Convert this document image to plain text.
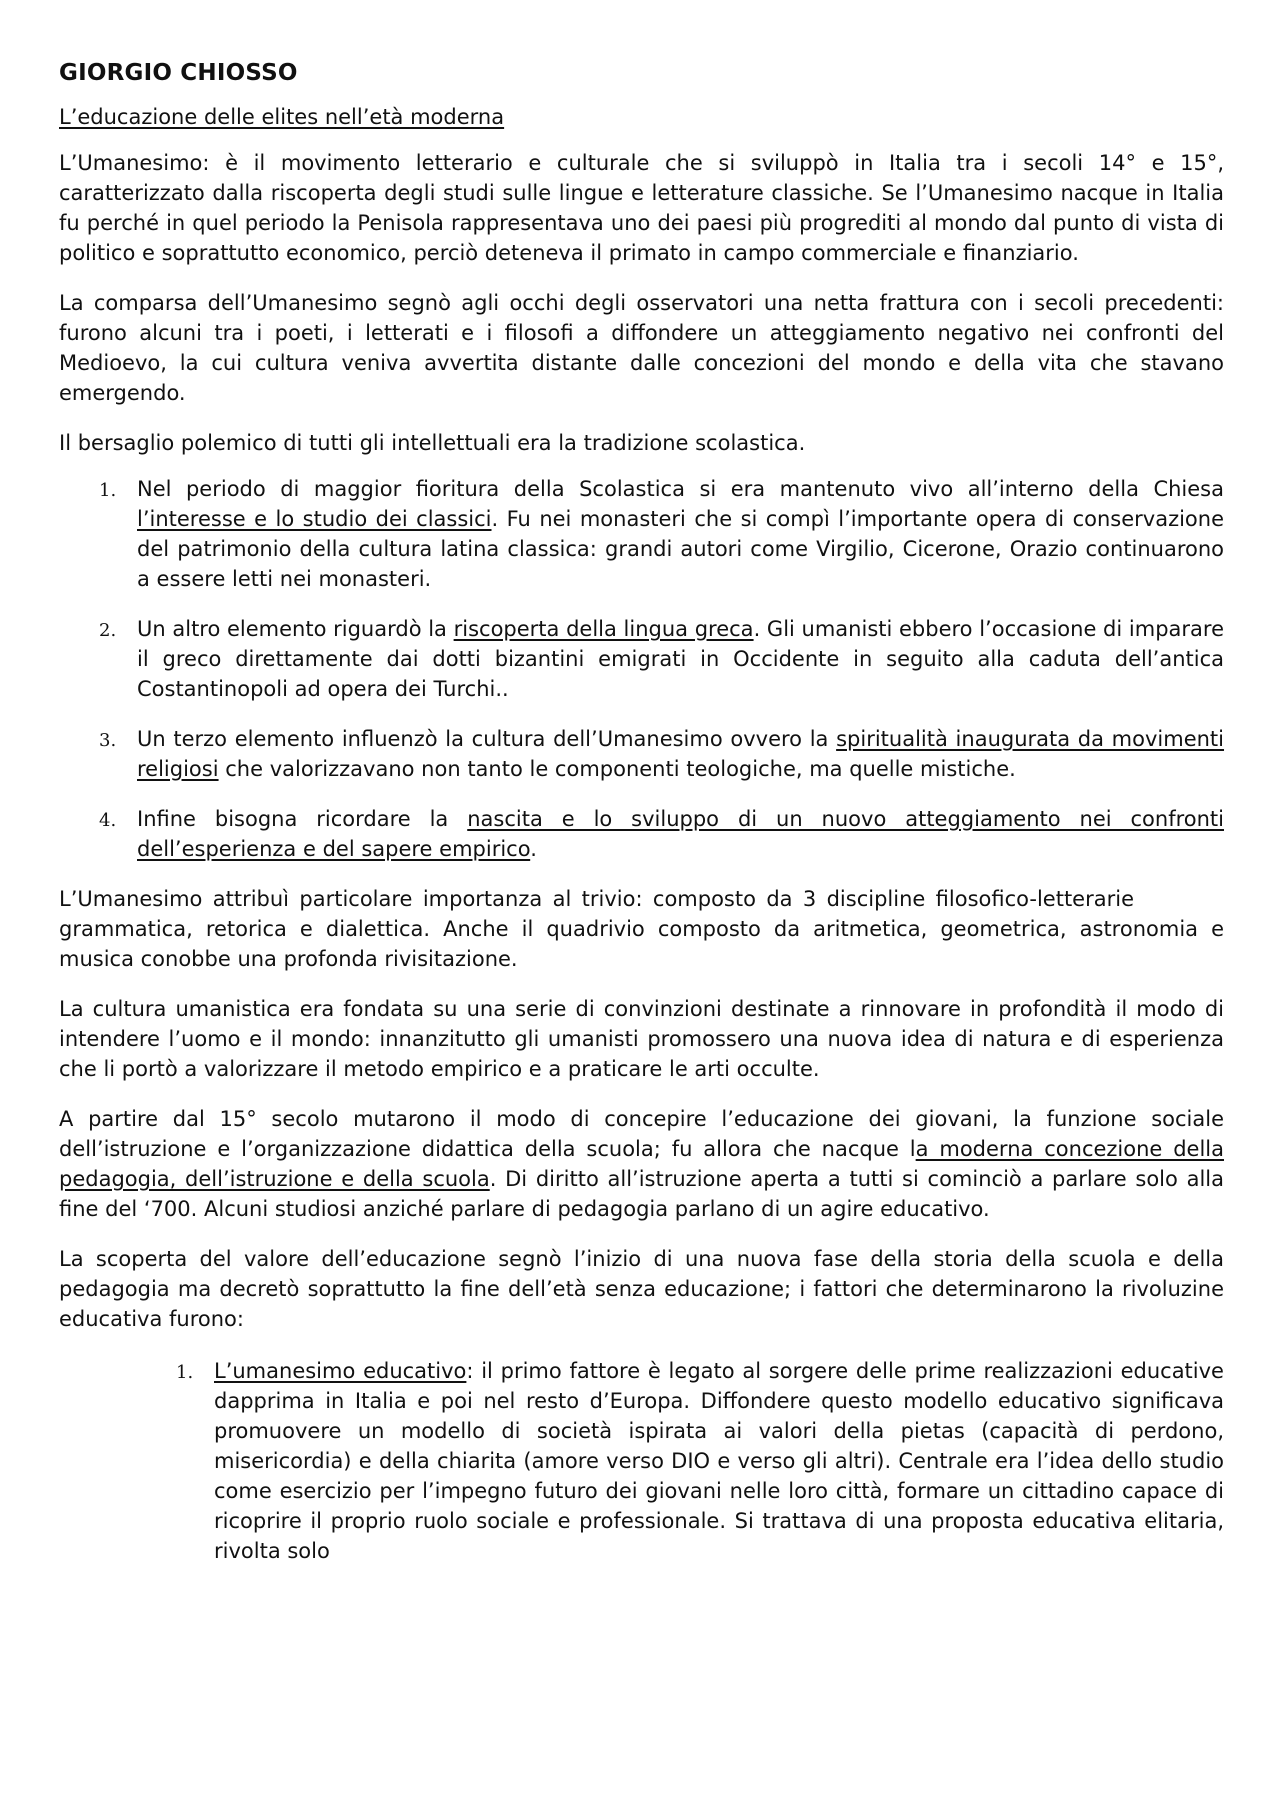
GIORGIO CHIOSSO
L’educazione delle elites nell’età moderna

L’Umanesimo: è il movimento letterario e culturale che si sviluppò in Italia tra i secoli 14° e 15°, caratterizzato dalla riscoperta degli studi sulle lingue e letterature classiche. Se l’Umanesimo nacque in Italia fu perché in quel periodo la Penisola rappresentava uno dei paesi più progrediti al mondo dal punto di vista di politico e soprattutto economico, perciò deteneva il primato in campo commerciale e finanziario.

La comparsa dell’Umanesimo segnò agli occhi degli osservatori una netta frattura con i secoli precedenti: furono alcuni tra i poeti, i letterati e i filosofi a diffondere un atteggiamento negativo nei confronti del Medioevo, la cui cultura veniva avvertita distante dalle concezioni del mondo e della vita che stavano emergendo.

Il bersaglio polemico di tutti gli intellettuali era la tradizione scolastica.

1. Nel periodo di maggior fioritura della Scolastica si era mantenuto vivo all’interno della Chiesa l’interesse e lo studio dei classici. Fu nei monasteri che si compì l’importante opera di conservazione del patrimonio della cultura latina classica: grandi autori come Virgilio, Cicerone, Orazio continuarono a essere letti nei monasteri.
2. Un altro elemento riguardò la riscoperta della lingua greca. Gli umanisti ebbero l’occasione di imparare il greco direttamente dai dotti bizantini emigrati in Occidente in seguito alla caduta dell’antica Costantinopoli ad opera dei Turchi..
3. Un terzo elemento influenzò la cultura dell’Umanesimo ovvero la spiritualità inaugurata da movimenti religiosi che valorizzavano non tanto le componenti teologiche, ma quelle mistiche.
4. Infine bisogna ricordare la nascita e lo sviluppo di un nuovo atteggiamento nei confronti dell’esperienza e del sapere empirico.

L’Umanesimo attribuì particolare importanza al trivio: composto da 3 discipline filosofico-letterariegrammatica, retorica e dialettica. Anche il quadrivio composto da aritmetica, geometrica, astronomia e musica conobbe una profonda rivisitazione.

La cultura umanistica era fondata su una serie di convinzioni destinate a rinnovare in profondità il modo di intendere l’uomo e il mondo: innanzitutto gli umanisti promossero una nuova idea di natura e di esperienza che li portò a valorizzare il metodo empirico e a praticare le arti occulte.

A partire dal 15° secolo mutarono il modo di concepire l’educazione dei giovani, la funzione sociale dell’istruzione e l’organizzazione didattica della scuola; fu allora che nacque la moderna concezione della pedagogia, dell’istruzione e della scuola. Di diritto all’istruzione aperta a tutti si cominciò a parlare solo alla fine del ‘700. Alcuni studiosi anziché parlare di pedagogia parlano di un agire educativo.

La scoperta del valore dell’educazione segnò l’inizio di una nuova fase della storia della scuola e della pedagogia ma decretò soprattutto la fine dell’età senza educazione; i fattori che determinarono la rivoluzine educativa furono:

1. L’umanesimo educativo: il primo fattore è legato al sorgere delle prime realizzazioni educative dapprima in Italia e poi nel resto d’Europa. Diffondere questo modello educativo significava promuovere un modello di società ispirata ai valori della pietas (capacità di perdono, misericordia) e della chiarita (amore verso DIO e verso gli altri). Centrale era l’idea dello studio come esercizio per l’impegno futuro dei giovani nelle loro città, formare un cittadino capace di ricoprire il proprio ruolo sociale e professionale. Si trattava di una proposta educativa elitaria, rivolta solo
